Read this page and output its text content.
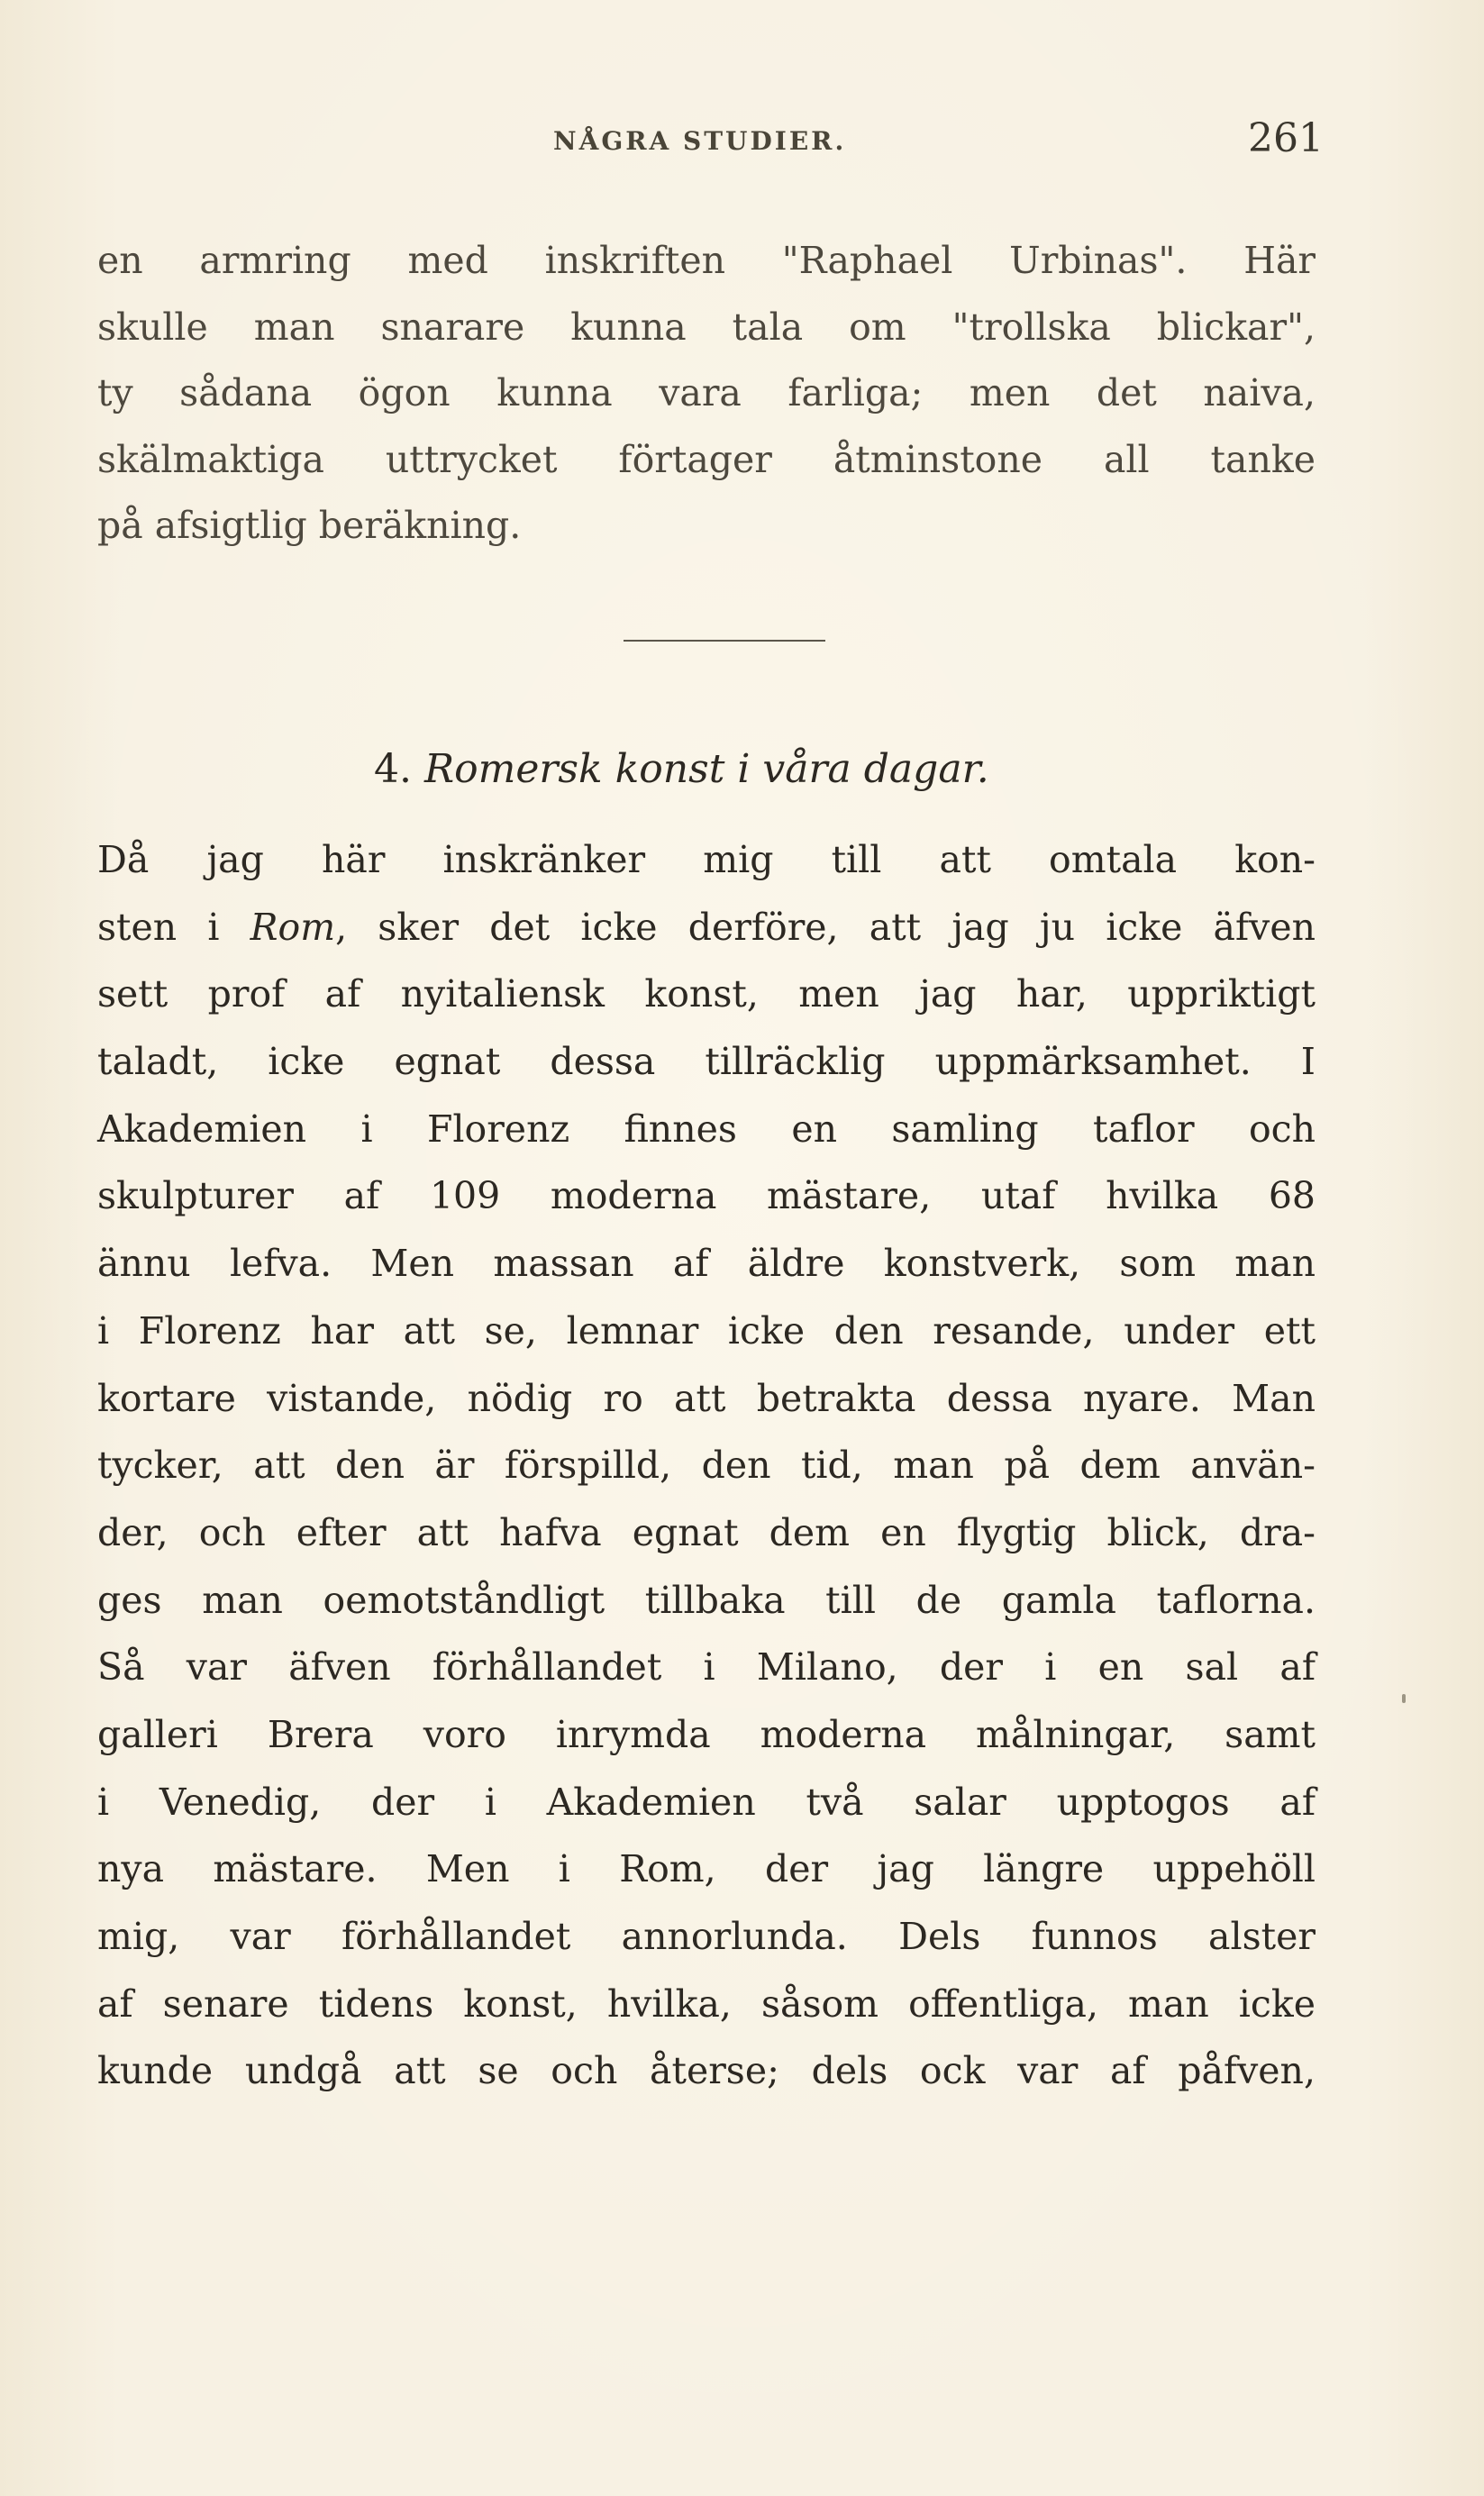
NÅGRA STUDIER.	261
en armring med inskriften "Raphael Urbinas". Här
skulle man snarare kunna tala om "trollska blickar",
ty sådana ögon kunna vara farliga; men det naiva,
skälmaktiga uttrycket förtager åtminstone all tanke
på afsigtlig beräkning.
4. Romersk konst i våra dagar.
Då jag här inskränker mig till att omtala kon-
sten i Rom, sker det icke derföre, att jag ju icke äfven
sett prof af nyitaliensk konst, men jag har, uppriktigt
taladt, icke egnat dessa tillräcklig uppmärksamhet. I
Akademien i Florenz finnes en samling taflor och
skulpturer af 109 moderna mästare, utaf hvilka 68
ännu lefva. Men massan af äldre konstverk, som man
i Florenz har att se, lemnar icke den resande, under ett
kortare vistande, nödig ro att betrakta dessa nyare. Man
tycker, att den är förspilld, den tid, man på dem använ-
der, och efter att hafva egnat dem en flygtig blick, dra-
ges man oemotståndligt tillbaka till de gamla taflorna.
Så var äfven förhållandet i Milano, der i en sal af
galleri Brera voro inrymda moderna målningar, samt
i Venedig, der i Akademien två salar upptogos af
nya mästare. Men i Rom, der jag längre uppehöll
mig, var förhållandet annorlunda. Dels funnos alster
af senare tidens konst, hvilka, såsom offentliga, man icke
kunde undgå att se och återse; dels ock var af påfven,
